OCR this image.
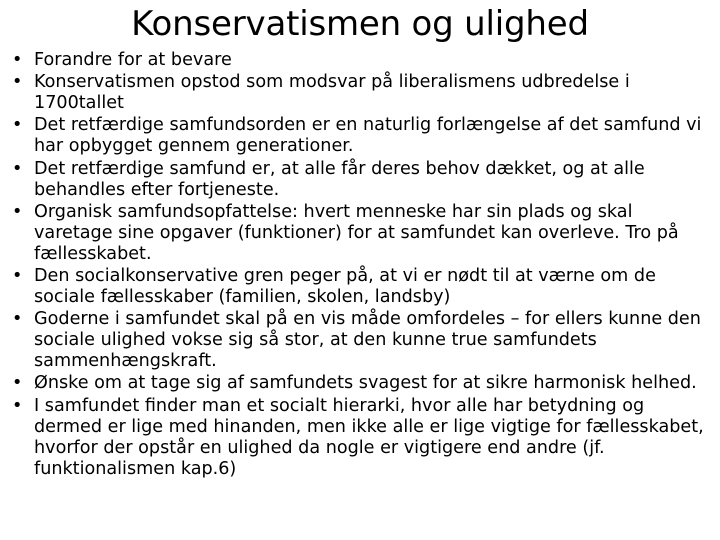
Konservatismen og ulighed
• Forandre for at bevare
• Konservatismen opstod som modsvar på liberalismens udbredelse i 1700tallet
• Det retfærdige samfundsorden er en naturlig forlængelse af det samfund vi har opbygget gennem generationer.
• Det retfærdige samfund er, at alle får deres behov dækket, og at alle behandles efter fortjeneste.
• Organisk samfundsopfattelse: hvert menneske har sin plads og skal varetage sine opgaver (funktioner) for at samfundet kan overleve. Tro på fællesskabet.
• Den socialkonservative gren peger på, at vi er nødt til at værne om de sociale fællesskaber (familien, skolen, landsby)
• Goderne i samfundet skal på en vis måde omfordeles – for ellers kunne den sociale ulighed vokse sig så stor, at den kunne true samfundets sammenhængskraft.
• Ønske om at tage sig af samfundets svagest for at sikre harmonisk helhed.
• I samfundet finder man et socialt hierarki, hvor alle har betydning og dermed er lige med hinanden, men ikke alle er lige vigtige for fællesskabet, hvorfor der opstår en ulighed da nogle er vigtigere end andre (jf. funktionalismen kap.6)
